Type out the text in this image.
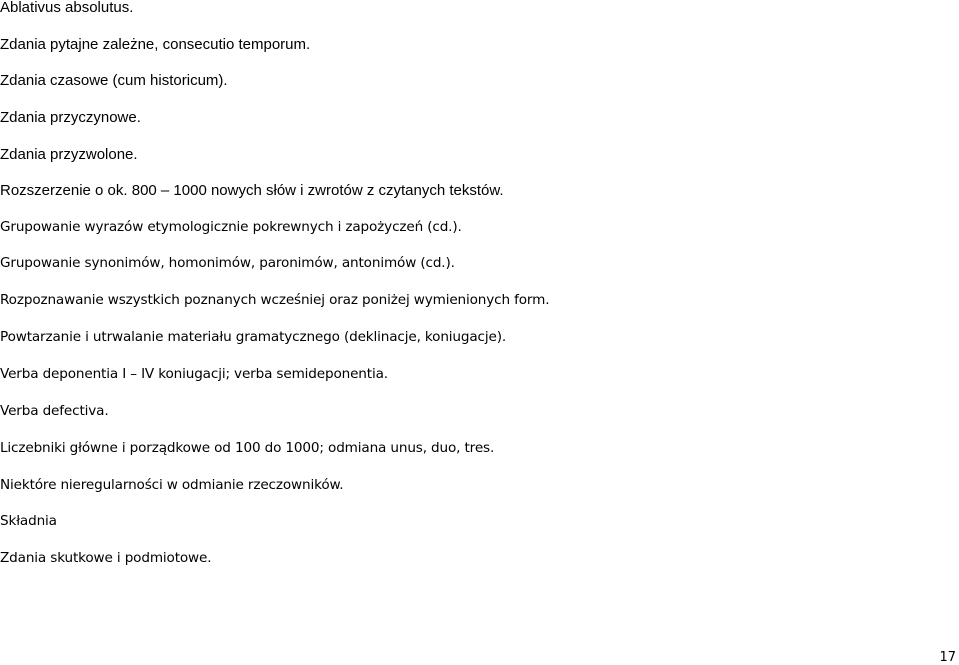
Ablativus absolutus.
Zdania pytajne zależne, consecutio temporum.
Zdania czasowe (cum historicum).
Zdania przyczynowe.
Zdania przyzwolone.
Rozszerzenie o ok. 800 – 1000 nowych słów i zwrotów z czytanych tekstów.
Grupowanie wyrazów etymologicznie pokrewnych i zapożyczeń (cd.).
Grupowanie synonimów, homonimów, paronimów, antonimów (cd.).
Rozpoznawanie wszystkich poznanych wcześniej oraz poniżej wymienionych form.
Powtarzanie i utrwalanie materiału gramatycznego (deklinacje, koniugacje).
Verba deponentia I – IV koniugacji; verba semideponentia.
Verba defectiva.
Liczebniki główne i porządkowe od 100 do 1000; odmiana unus, duo, tres.
Niektóre nieregularności w odmianie rzeczowników.
Składnia
Zdania skutkowe i podmiotowe.
17
